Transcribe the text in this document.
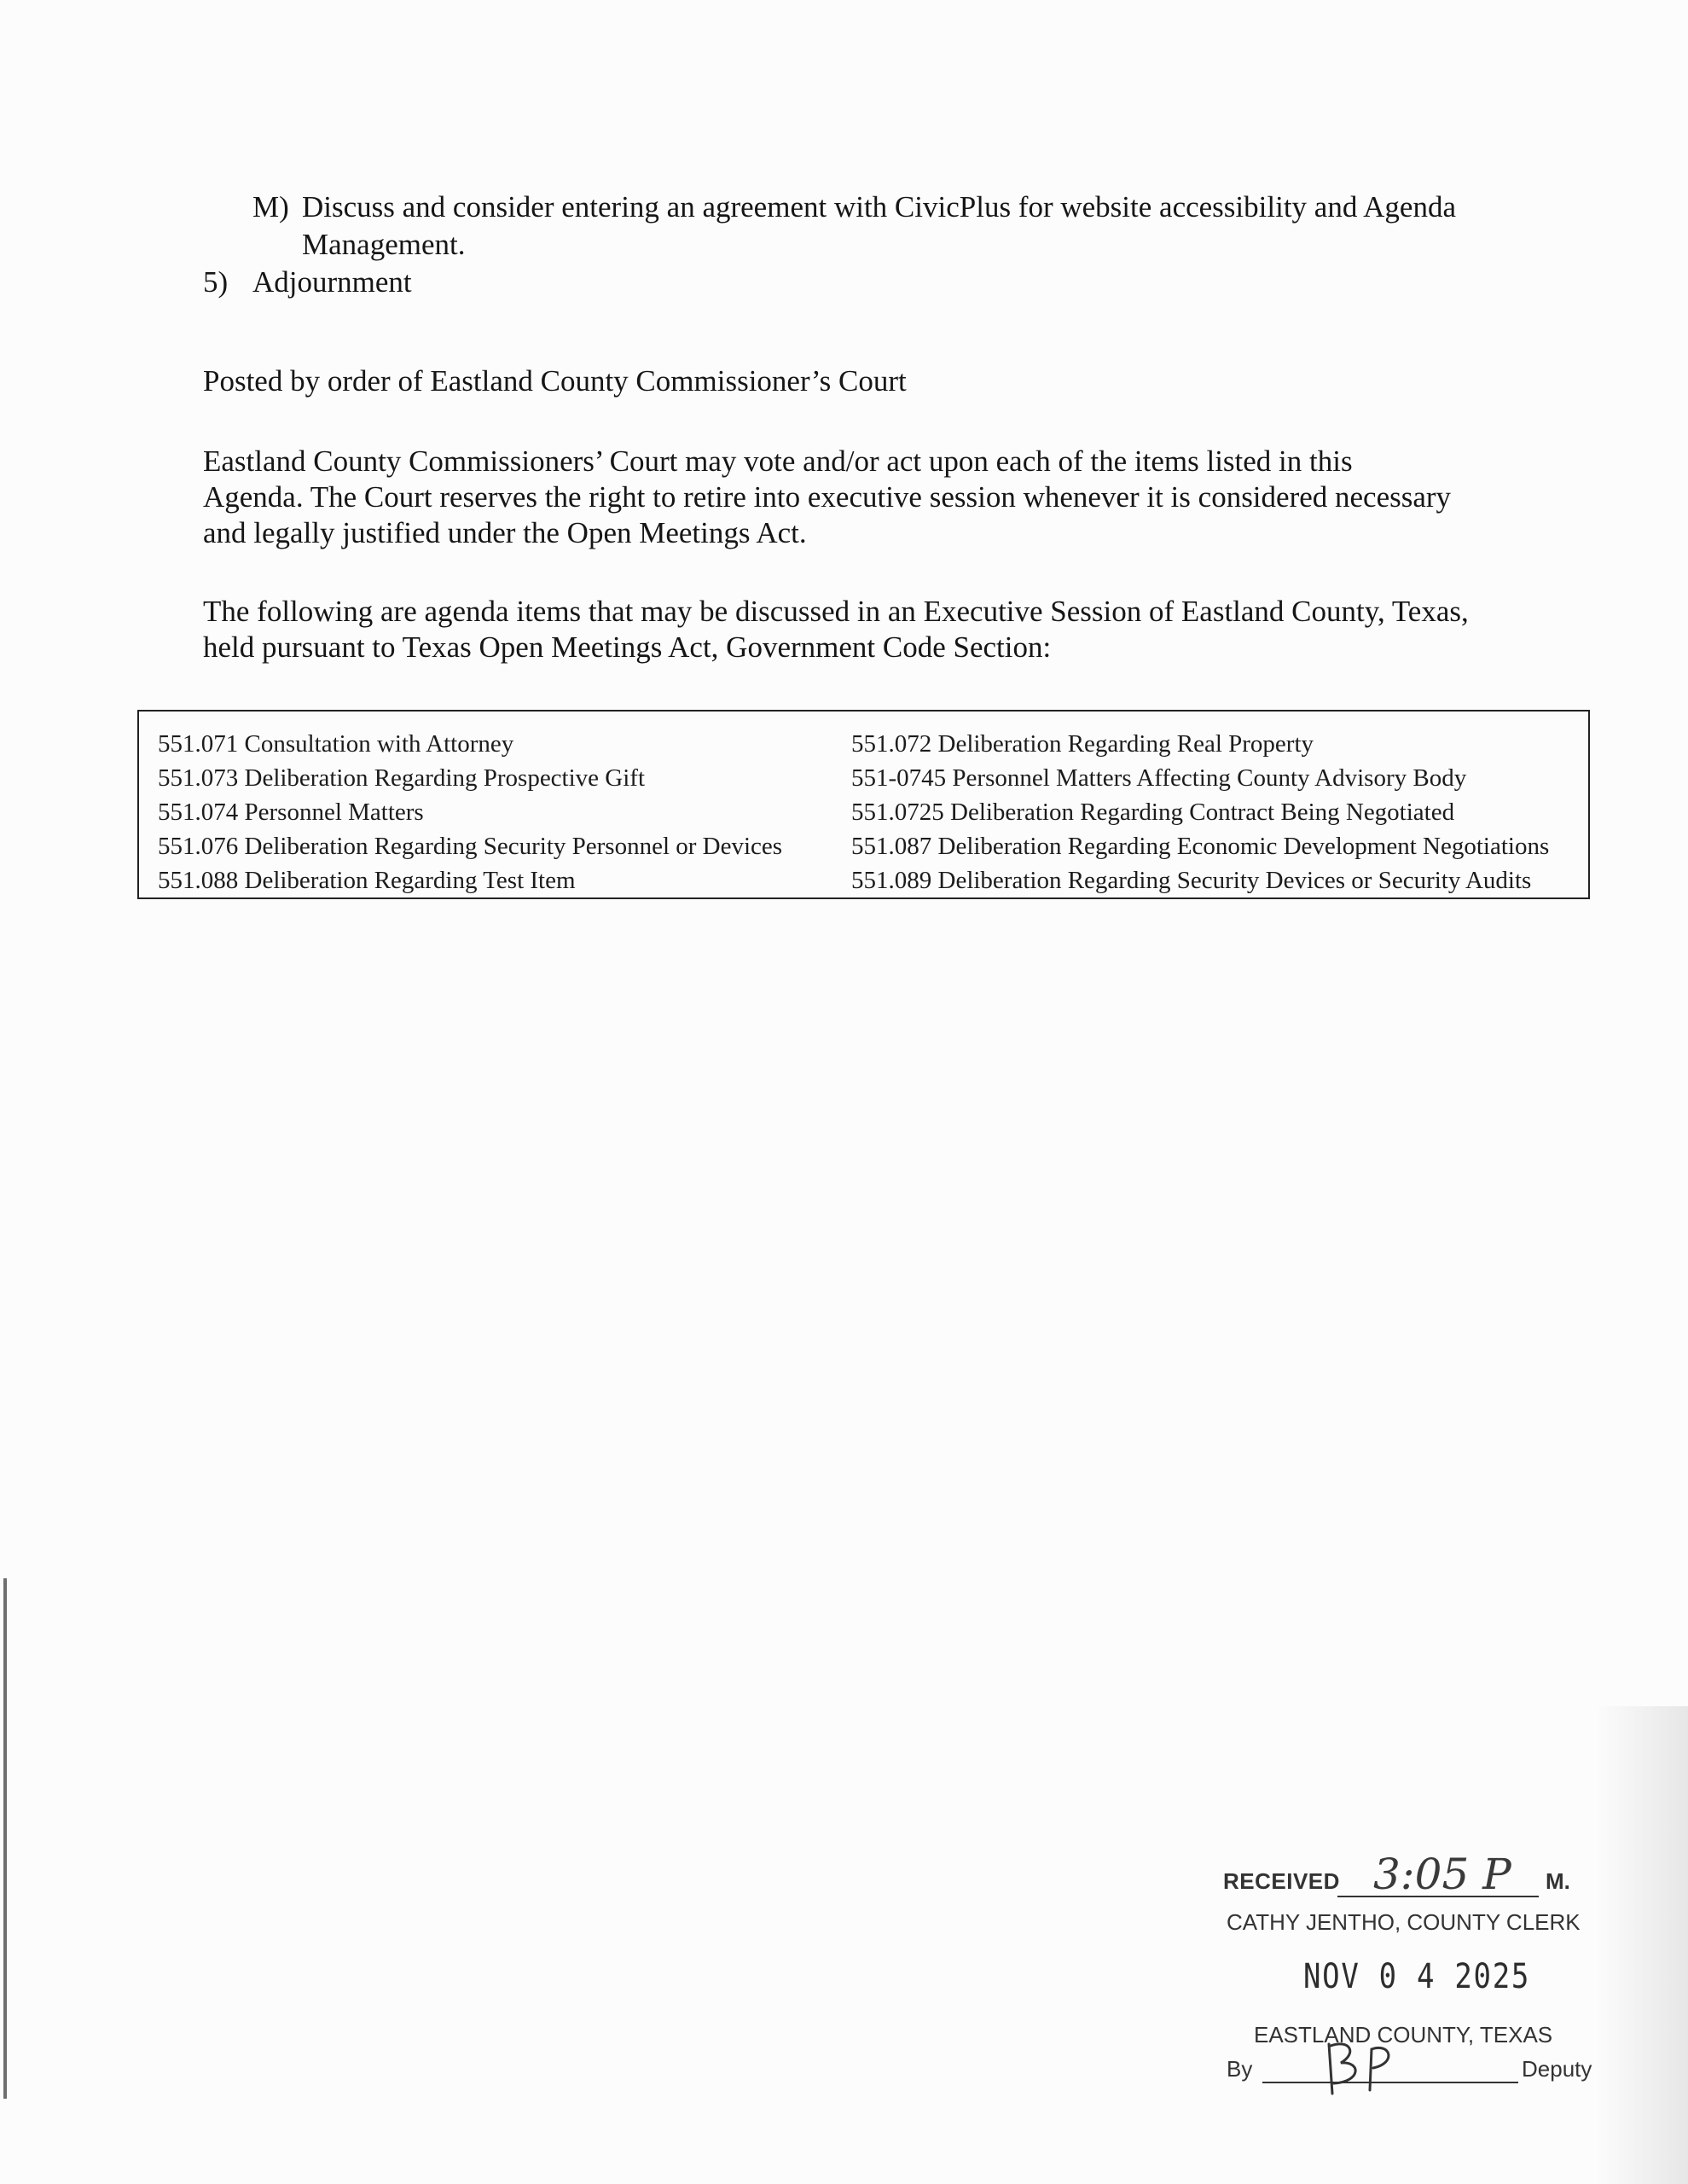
M) Discuss and consider entering an agreement with CivicPlus for website accessibility and Agenda
Management.
5) Adjournment
Posted by order of Eastland County Commissioner’s Court
Eastland County Commissioners’ Court may vote and/or act upon each of the items listed in this
Agenda. The Court reserves the right to retire into executive session whenever it is considered necessary
and legally justified under the Open Meetings Act.
The following are agenda items that may be discussed in an Executive Session of Eastland County, Texas,
held pursuant to Texas Open Meetings Act, Government Code Section:
551.071 Consultation with Attorney
551.073 Deliberation Regarding Prospective Gift
551.074 Personnel Matters
551.076 Deliberation Regarding Security Personnel or Devices
551.088 Deliberation Regarding Test Item
551.072 Deliberation Regarding Real Property
551-0745 Personnel Matters Affecting County Advisory Body
551.0725 Deliberation Regarding Contract Being Negotiated
551.087 Deliberation Regarding Economic Development Negotiations
551.089 Deliberation Regarding Security Devices or Security Audits
RECEIVED 3:05 P M.
CATHY JENTHO, COUNTY CLERK
NOV 0 4 2025
EASTLAND COUNTY, TEXAS
By	Deputy
